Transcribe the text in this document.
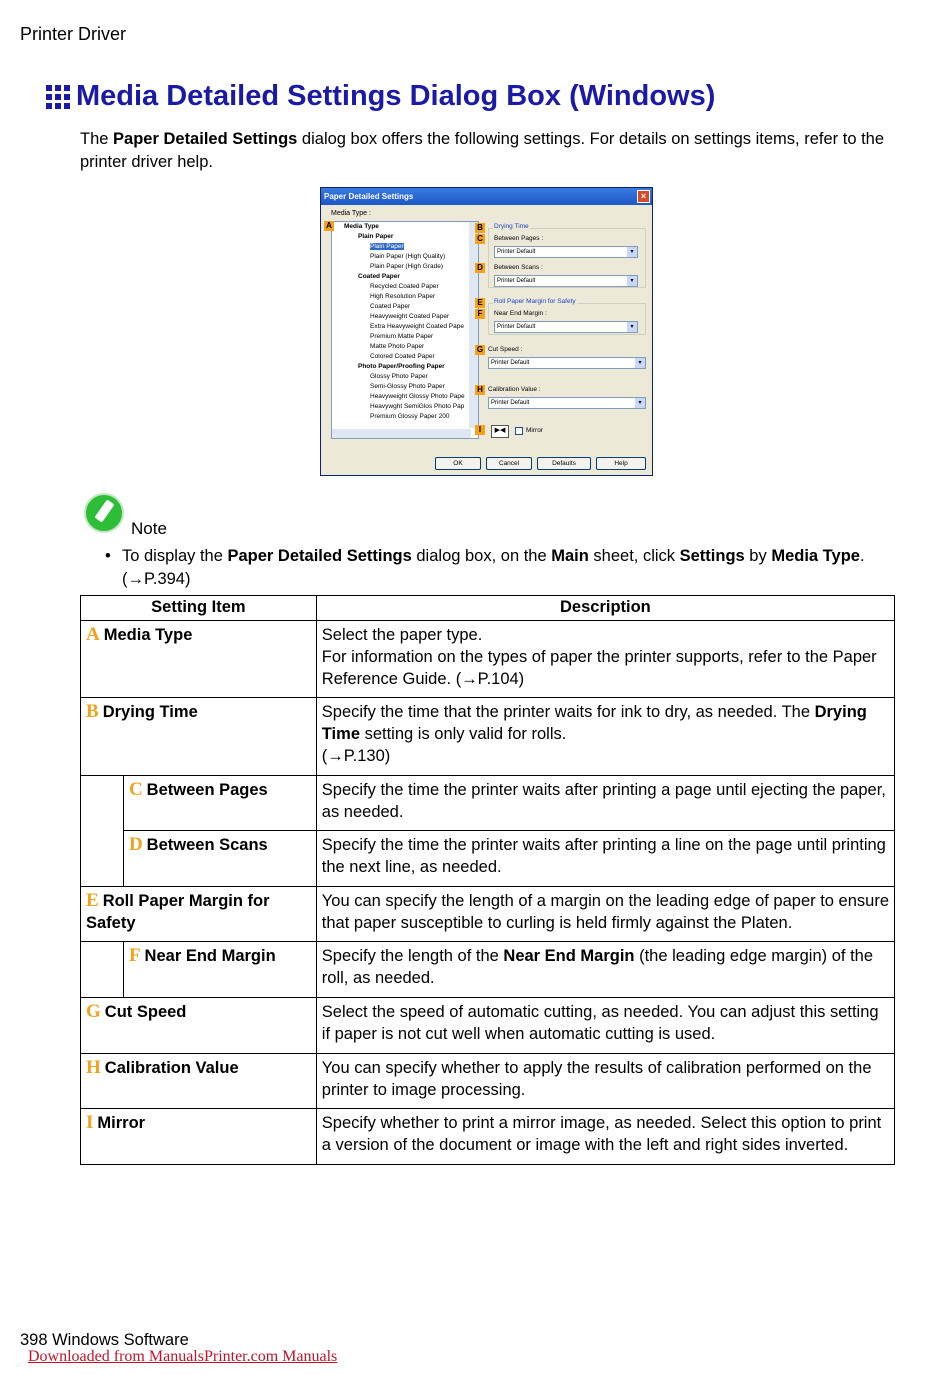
Printer Driver
Media Detailed Settings Dialog Box (Windows)
The Paper Detailed Settings dialog box offers the following settings. For details on settings items, refer to the printer driver help.
Paper Detailed Settings	×
Media Type :
Media Type
Plain Paper
Plain Paper
Plain Paper (High Quality)
Plain Paper (High Grade)
Coated Paper
Recycled Coated Paper
High Resolution Paper
Coated Paper
Heavyweight Coated Paper
Extra Heavyweight Coated Pape
Premium Matte Paper
Matte Photo Paper
Colored Coated Paper
Photo Paper/Proofing Paper
Glossy Photo Paper
Semi-Glossy Photo Paper
Heavyweight Glossy Photo Pape
Heavywght SemiGlos Photo Pap
Premium Glossy Paper 200
Drying Time
Between Pages :
Printer Default	▾
Between Scans :
Printer Default	▾
Roll Paper Margin for Safety
Near End Margin :
Printer Default	▾
Cut Speed :
Printer Default	▾
Calibration Value :
Printer Default	▾
▶◀	Mirror
OK	Cancel	Defaults	Help
A	B
C
D
E
F
G
H
I
Note
• To display the Paper Detailed Settings dialog box, on the Main sheet, click Settings by Media Type. (→P.394)
Setting Item		Description
A Media Type		Select the paper type.
For information on the types of paper the printer supports, refer to the Paper Reference Guide. (→P.104)
B Drying Time		Specify the time that the printer waits for ink to dry, as needed. The Drying Time setting is only valid for rolls.
(→P.130)
	C Between Pages	Specify the time the printer waits after printing a page until ejecting the paper, as needed.
	D Between Scans	Specify the time the printer waits after printing a line on the page until printing the next line, as needed.
E Roll Paper Margin for Safety		You can specify the length of a margin on the leading edge of paper to ensure that paper susceptible to curling is held firmly against the Platen.
	F Near End Margin	Specify the length of the Near End Margin (the leading edge margin) of the roll, as needed.
G Cut Speed		Select the speed of automatic cutting, as needed. You can adjust this setting if paper is not cut well when automatic cutting is used.
H Calibration Value		You can specify whether to apply the results of calibration performed on the printer to image processing.
I Mirror		Specify whether to print a mirror image, as needed. Select this option to print a version of the document or image with the left and right sides inverted.
398 Windows Software
Downloaded from ManualsPrinter.com Manuals
